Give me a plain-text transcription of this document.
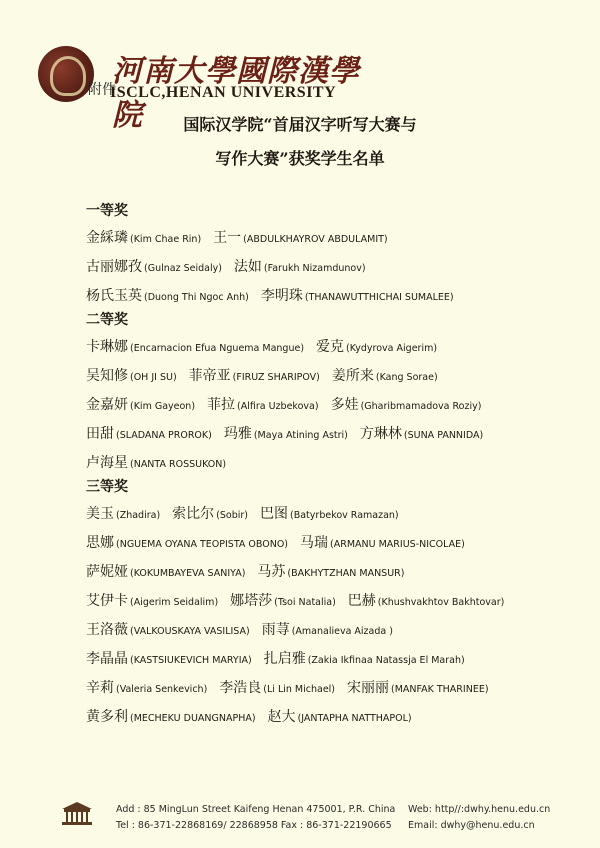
河南大學國際漢學院
ISCLC,HENAN UNIVERSITY
附件
国际汉学院“首届汉字听写大赛与
写作大赛”获奖学生名单
一等奖
金綵璘 (Kim Chae Rin) 王一 (ABDULKHAYROV ABDULAMIT)
古丽娜孜 (Gulnaz Seidaly) 法如 (Farukh Nizamdunov)
杨氏玉英 (Duong Thi Ngoc Anh) 李明珠 (THANAWUTTHICHAI SUMALEE)
二等奖
卡琳娜 (Encarnacion Efua Nguema Mangue) 爱克 (Kydyrova Aigerim)
吴知修 (OH JI SU) 菲帝亚 (FIRUZ SHARIPOV) 姜所来 (Kang Sorae)
金嘉妍 (Kim Gayeon) 菲拉 (Alfira Uzbekova) 多娃 (Gharibmamadova Roziy)
田甜 (SLADANA PROROK) 玛雅 (Maya Atining Astri) 方琳林 (SUNA PANNIDA)
卢海星 (NANTA ROSSUKON)
三等奖
美玉 (Zhadira) 索比尔 (Sobir) 巴图 (Batyrbekov Ramazan)
思娜 (NGUEMA OYANA TEOPISTA OBONO) 马瑞 (ARMANU MARIUS-NICOLAE)
萨妮娅 (KOKUMBAYEVA SANIYA) 马苏 (BAKHYTZHAN MANSUR)
艾伊卡 (Aigerim Seidalim) 娜塔莎 (Tsoi Natalia) 巴赫 (Khushvakhtov Bakhtovar)
王洛薇 (VALKOUSKAYA VASILISA) 雨荨 (Amanalieva Aizada )
李晶晶 (KASTSIUKEVICH MARYIA) 扎启雅 (Zakia Ikfinaa Natassja El Marah)
辛莉 (Valeria Senkevich) 李浩良 (Li Lin Michael) 宋丽丽 (MANFAK THARINEE)
黄多利 (MECHEKU DUANGNAPHA) 赵大 (JANTAPHA NATTHAPOL)
Add : 85 MingLun Street Kaifeng Henan 475001, P.R. China
Tel : 86-371-22868169/ 22868958 Fax : 86-371-22190665
Web: http//:dwhy.henu.edu.cn
Email: dwhy@henu.edu.cn
